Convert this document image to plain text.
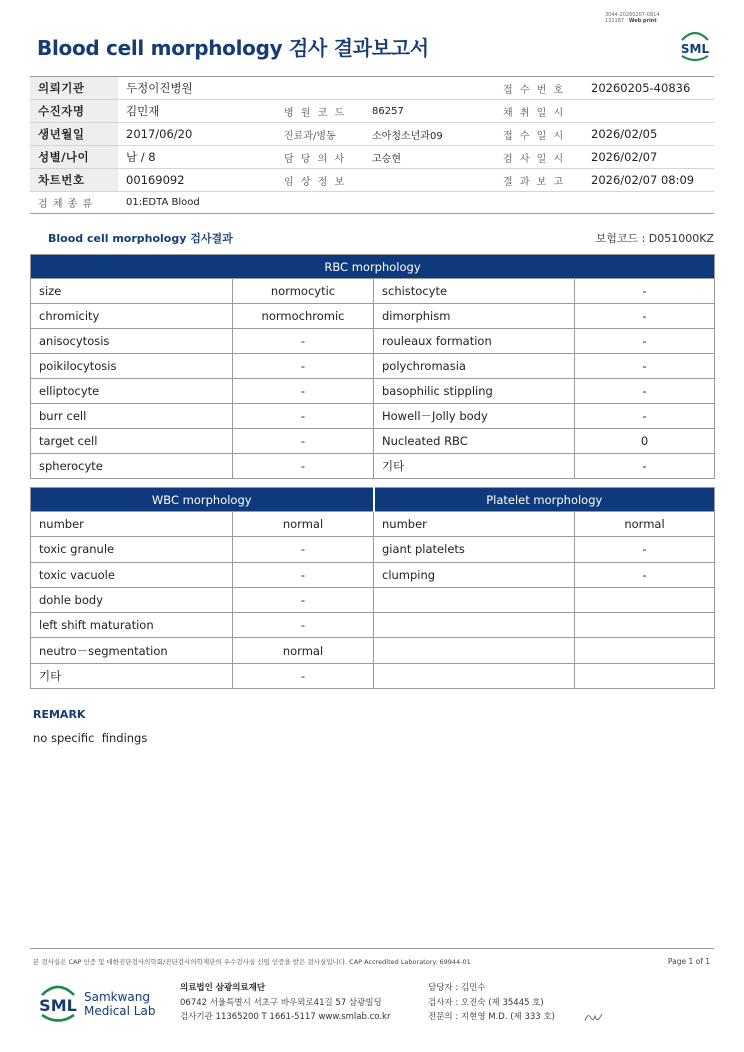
3044-20260207-0814
131187 Web print
Blood cell morphology 검사 결과보고서	SML
의뢰기관	두정이진병원			접 수 번 호	20260205-40836
수진자명	김민재	병 원 코 드	86257	채 취 일 시	
생년월일	2017/06/20	진료과/병동	소아청소년과09	접 수 일 시	2026/02/05
성별/나이	남 / 8	담 당 의 사	고승현	검 사 일 시	2026/02/07
차트번호	00169092	임 상 정 보		결 과 보 고	2026/02/07 08:09
검 체 종 류	01:EDTA Blood				
Blood cell morphology 검사결과	보험코드 : D051000KZ
RBC morphology			
size	normocytic	schistocyte	-
chromicity	normochromic	dimorphism	-
anisocytosis	-	rouleaux formation	-
poikilocytosis	-	polychromasia	-
elliptocyte	-	basophilic stippling	-
burr cell	-	Howell－Jolly body	-
target cell	-	Nucleated RBC	0
spherocyte	-	기타	-
WBC morphology		Platelet morphology	
number	normal	number	normal
toxic granule	-	giant platelets	-
toxic vacuole	-	clumping	-
dohle body	-		
left shift maturation	-		
neutro－segmentation	normal		
기타	-		
REMARK
no specific  findings
본 검사실은 CAP 인증 및 대한진단검사의학회/진단검사의학재단의 우수검사실 신임 인증을 받은 검사실입니다. CAP Accredited Laboratory. 69944-01	Page 1 of 1
SML Samkwang
Medical Lab
의료법인 삼광의료재단
06742 서울특별시 서초구 바우뫼로41길 57 삼광빌딩
검사기관 11365200 T 1661-5117 www.smlab.co.kr
담당자 : 김민수
검사자 : 오진숙 (제 35445 호)
전문의 : 지현영 M.D. (제 333 호)
